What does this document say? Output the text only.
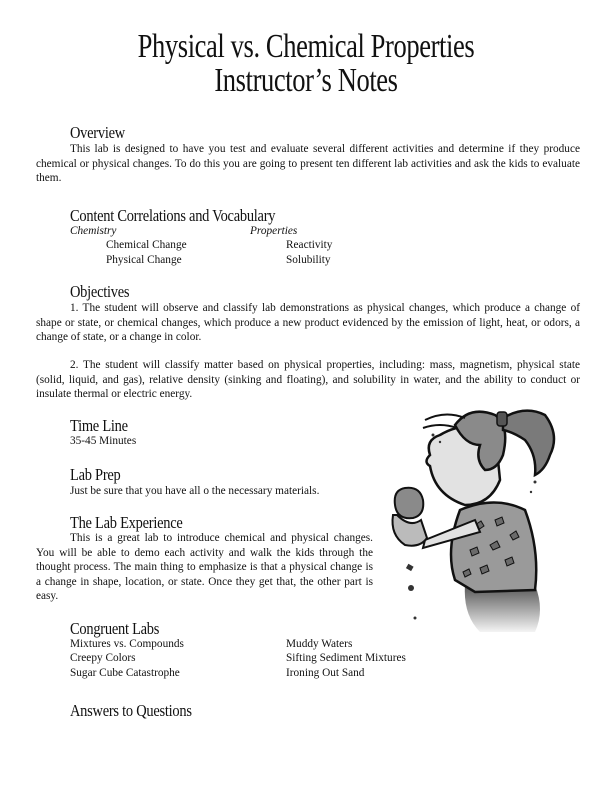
Physical vs. Chemical Properties
Instructor’s Notes
Overview
This lab is designed to have you test and evaluate several different activities and determine if they produce chemical or physical changes. To do this you are going to present ten different lab activities and ask the kids to evaluate them.
Content Correlations and Vocabulary
Chemistry
Chemical Change
Physical Change
Properties
Reactivity
Solubility
Objectives
1. The student will observe and classify lab demonstrations as physical changes, which produce a change of shape or state, or chemical changes, which produce a new product evidenced by the emission of light, heat, or odors, a change of state, or a change in color.
2. The student will classify matter based on physical properties, including: mass, magnetism, physical state (solid, liquid, and gas), relative density (sinking and floating), and solubility in water, and the ability to conduct or insulate thermal or electric energy.
Time Line
35-45 Minutes
Lab Prep
Just be sure that you have all o the necessary materials.
The Lab Experience
This is a great lab to introduce chemical and physical changes. You will be able to demo each activity and walk the kids through the thought process. The main thing to emphasize is that a physical change is a change in shape, location, or state. Once they get that, the other part is easy.
Congruent Labs
Mixtures vs. Compounds
Creepy Colors
Sugar Cube Catastrophe
Muddy Waters
Sifting Sediment Mixtures
Ironing Out Sand
Answers to Questions
